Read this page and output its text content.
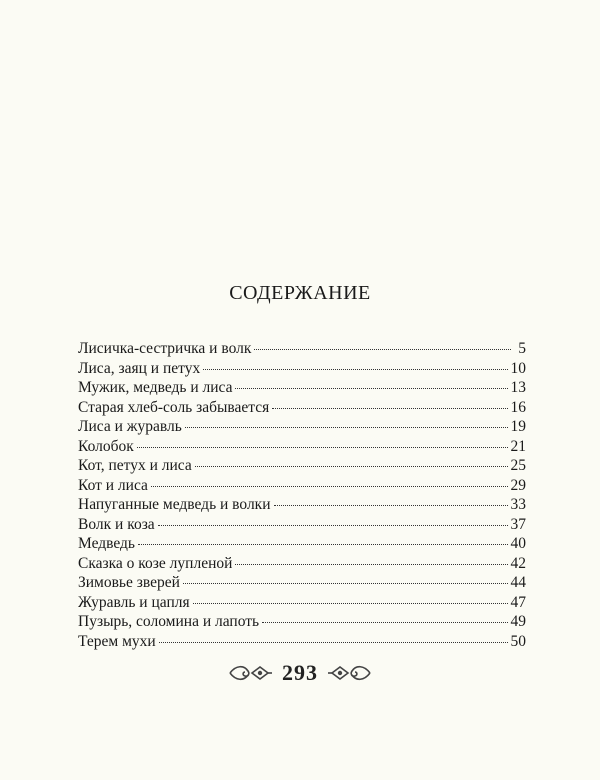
СОДЕРЖАНИЕ
Лисичка-сестричка и волк	5
Лиса, заяц и петух	10
Мужик, медведь и лиса	13
Старая хлеб-соль забывается	16
Лиса и журавль	19
Колобок	21
Кот, петух и лиса	25
Кот и лиса	29
Напуганные медведь и волки	33
Волк и коза	37
Медведь	40
Сказка о козе лупленой	42
Зимовье зверей	44
Журавль и цапля	47
Пузырь, соломина и лапоть	49
Терем мухи	50
293
